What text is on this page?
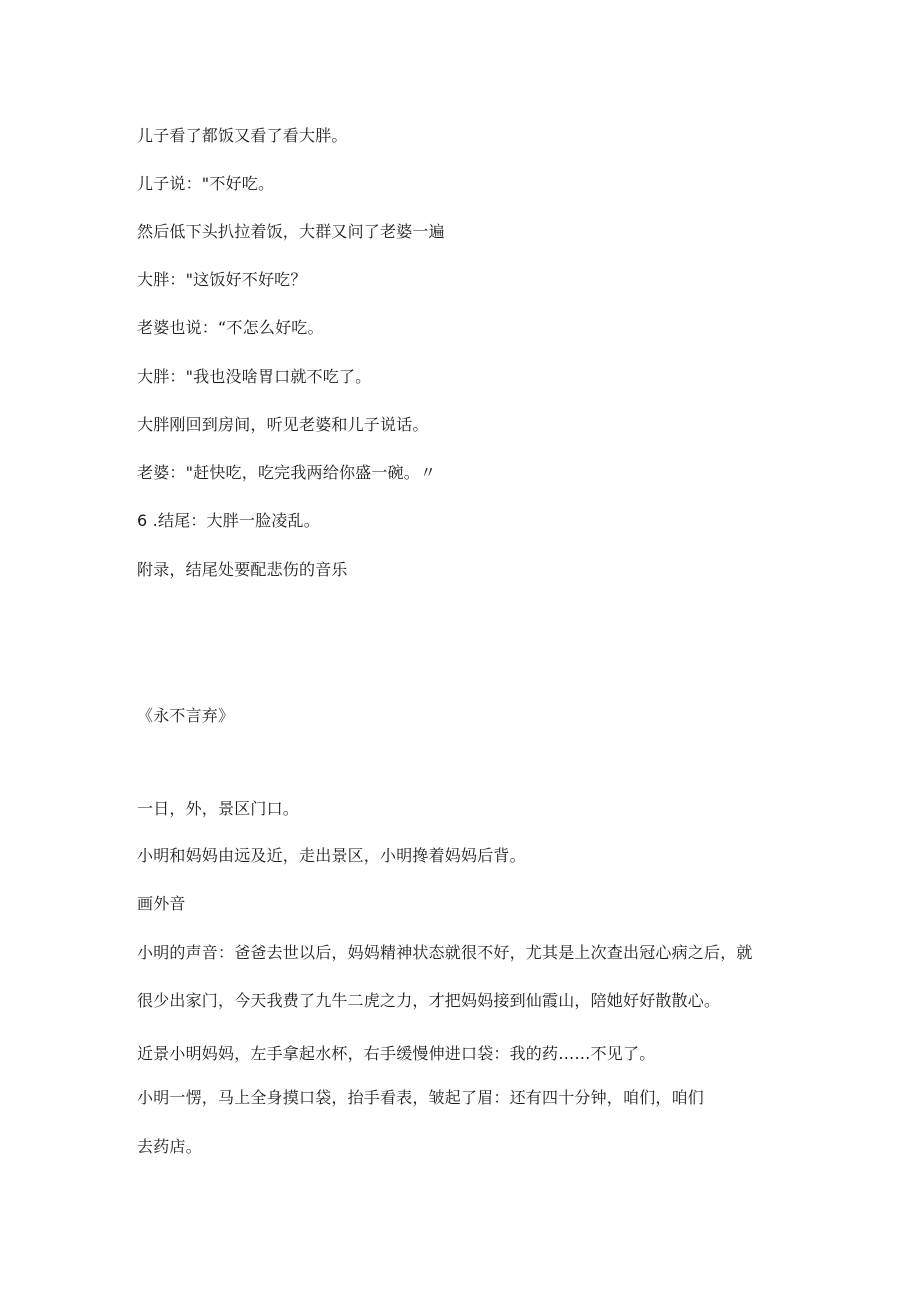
儿子看了都饭又看了看大胖。
儿子说："不好吃。
然后低下头扒拉着饭，大群又问了老婆一遍
大胖："这饭好不好吃？
老婆也说：“不怎么好吃。
大胖："我也没啥胃口就不吃了。
大胖刚回到房间，听见老婆和儿子说话。
老婆："赶快吃，吃完我两给你盛一碗。〃
6 .结尾：大胖一脸凌乱。
附录，结尾处要配悲伤的音乐
《永不言弃》
一日，外，景区门口。
小明和妈妈由远及近，走出景区，小明搀着妈妈后背。
画外音
小明的声音：爸爸去世以后，妈妈精神状态就很不好，尤其是上次查出冠心病之后，就
很少出家门，今天我费了九牛二虎之力，才把妈妈接到仙霞山，陪她好好散散心。
近景小明妈妈，左手拿起水杯，右手缓慢伸进口袋：我的药……不见了。
小明一愣，马上全身摸口袋，抬手看表，皱起了眉：还有四十分钟，咱们，咱们
去药店。
